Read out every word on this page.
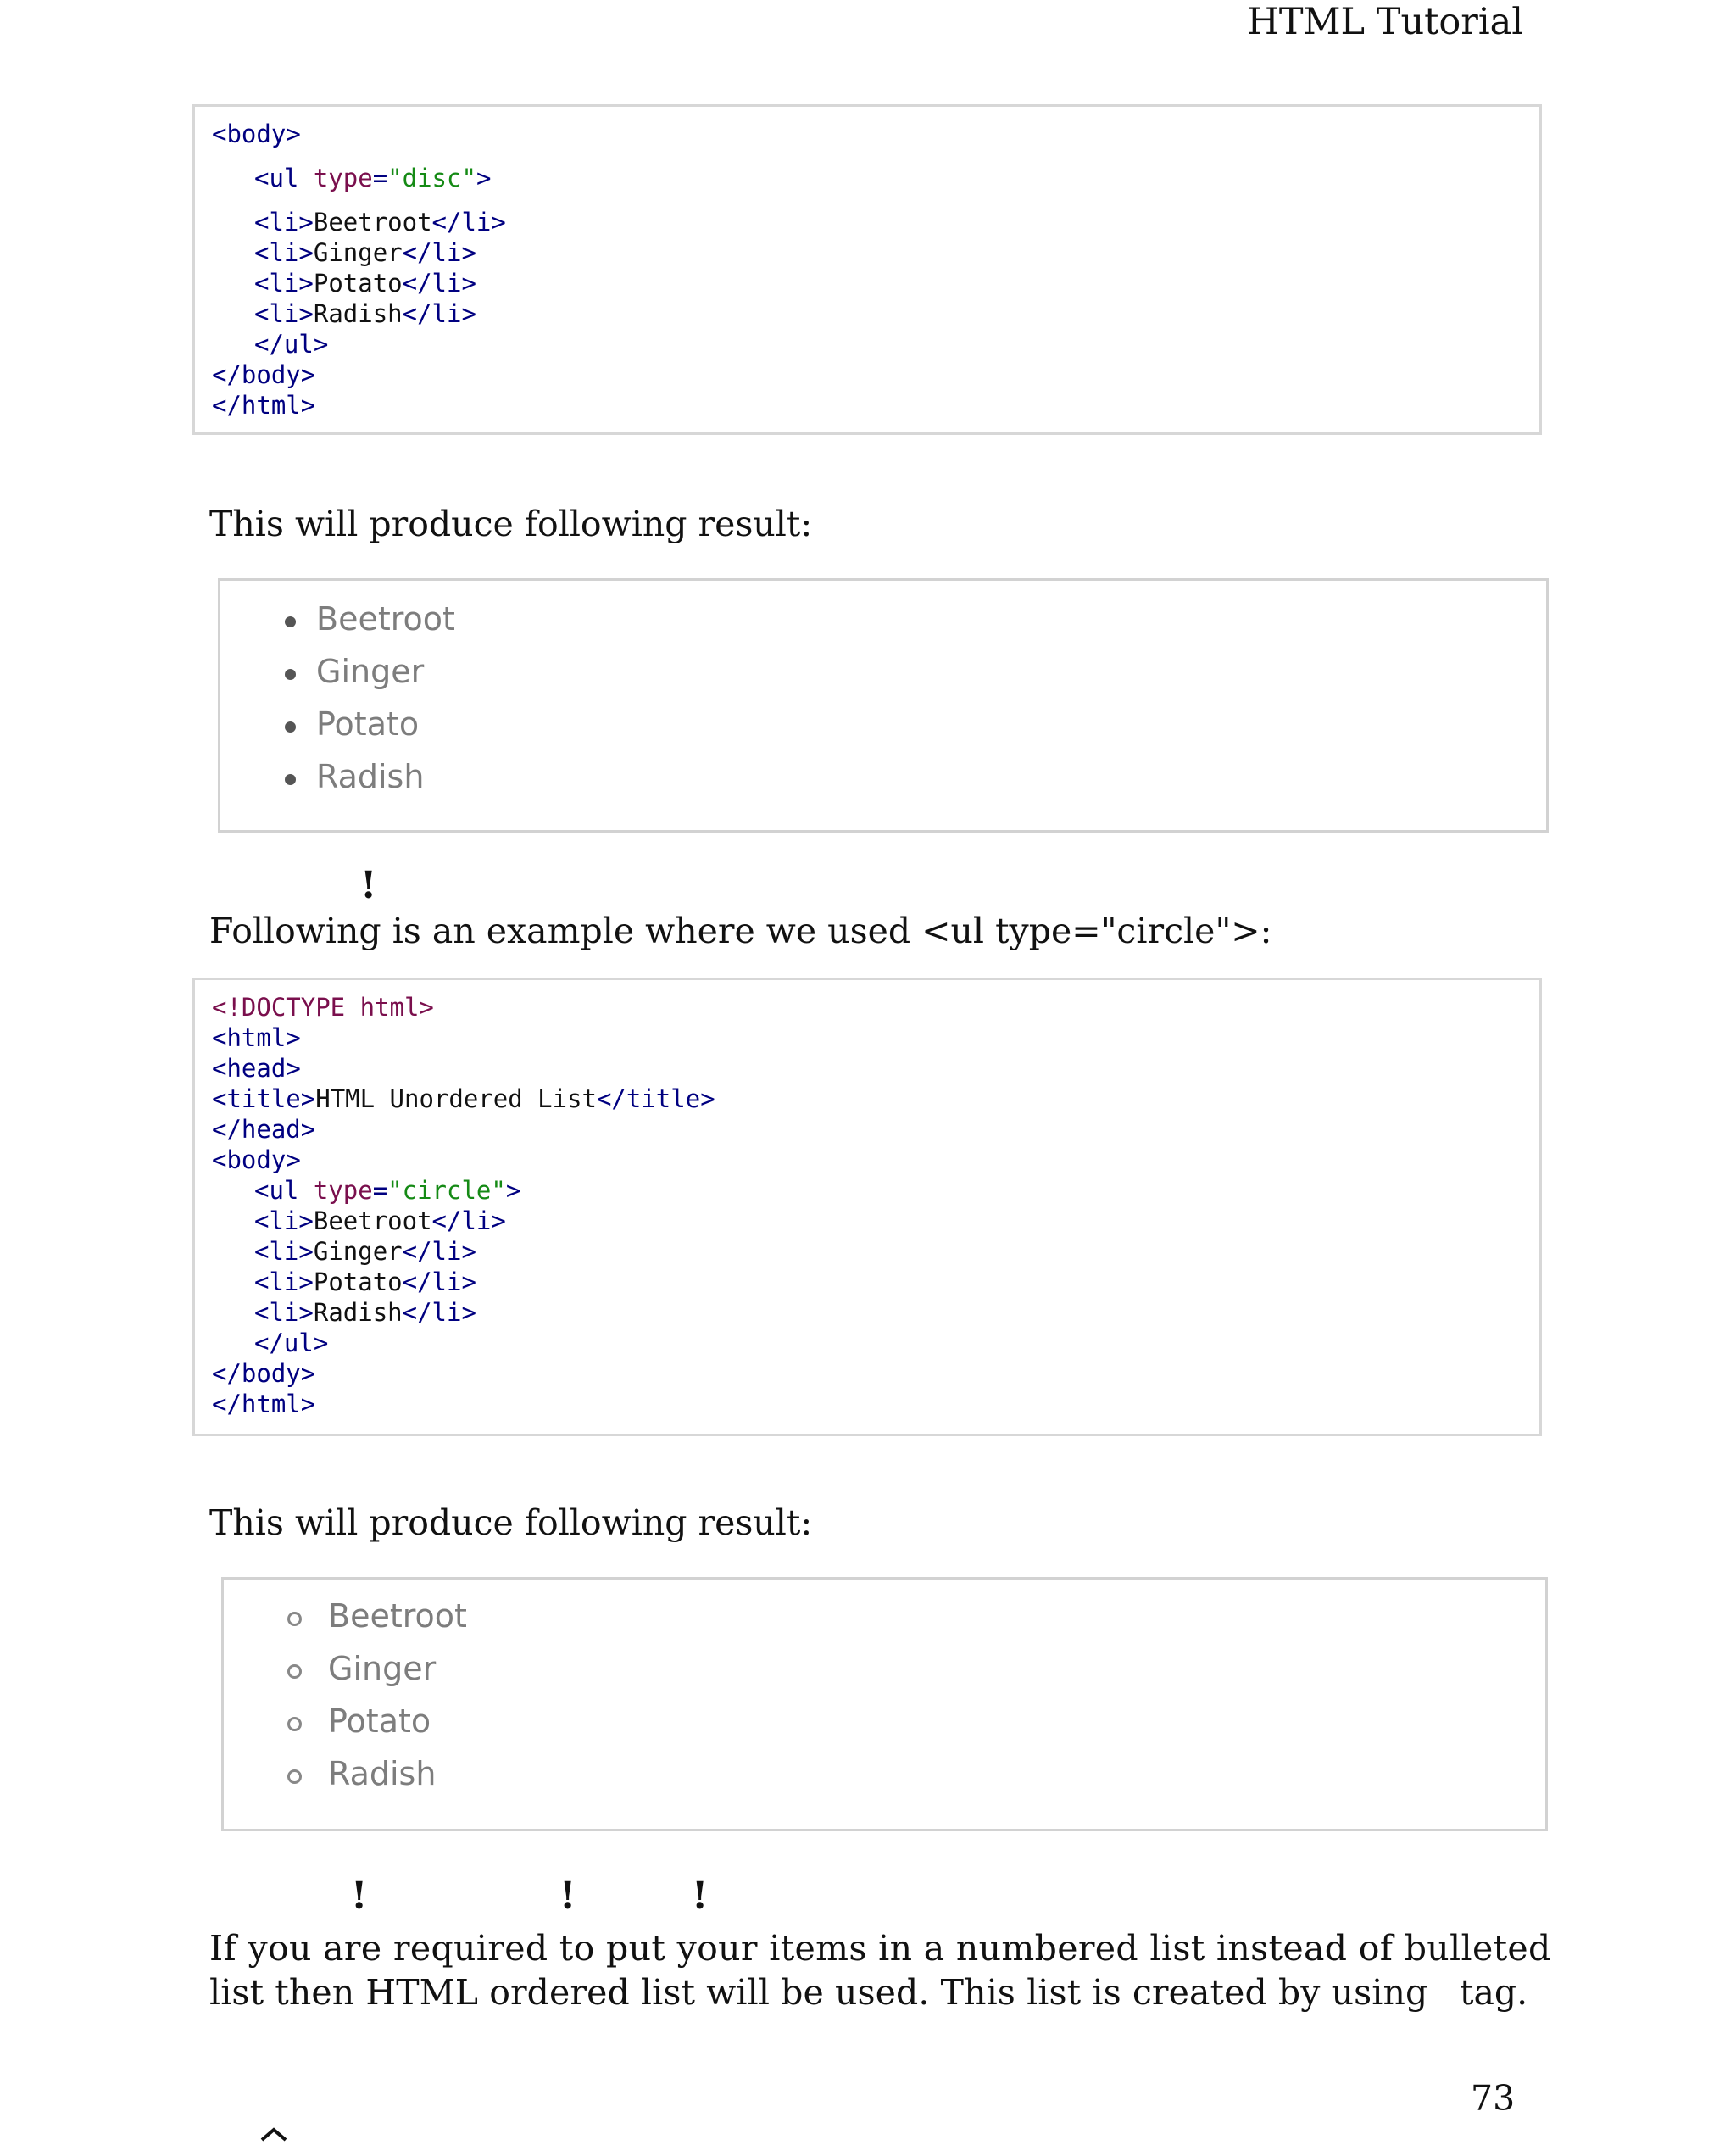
HTML Tutorial
<body>
<ul type="disc">
<li>Beetroot</li>
<li>Ginger</li>
<li>Potato</li>
<li>Radish</li>
</ul>
</body>
</html>
This will produce following result:
Beetroot
Ginger
Potato
Radish
!
Following is an example where we used <ul type="circle">:
<!DOCTYPE html>
<html>
<head>
<title>HTML Unordered List</title>
</head>
<body>
<ul type="circle">
<li>Beetroot</li>
<li>Ginger</li>
<li>Potato</li>
<li>Radish</li>
</ul>
</body>
</html>
This will produce following result:
Beetroot
Ginger
Potato
Radish
!	!	!
If you are required to put your items in a numbered list instead of bulleted
list then HTML ordered list will be used. This list is created by using tag.
73
